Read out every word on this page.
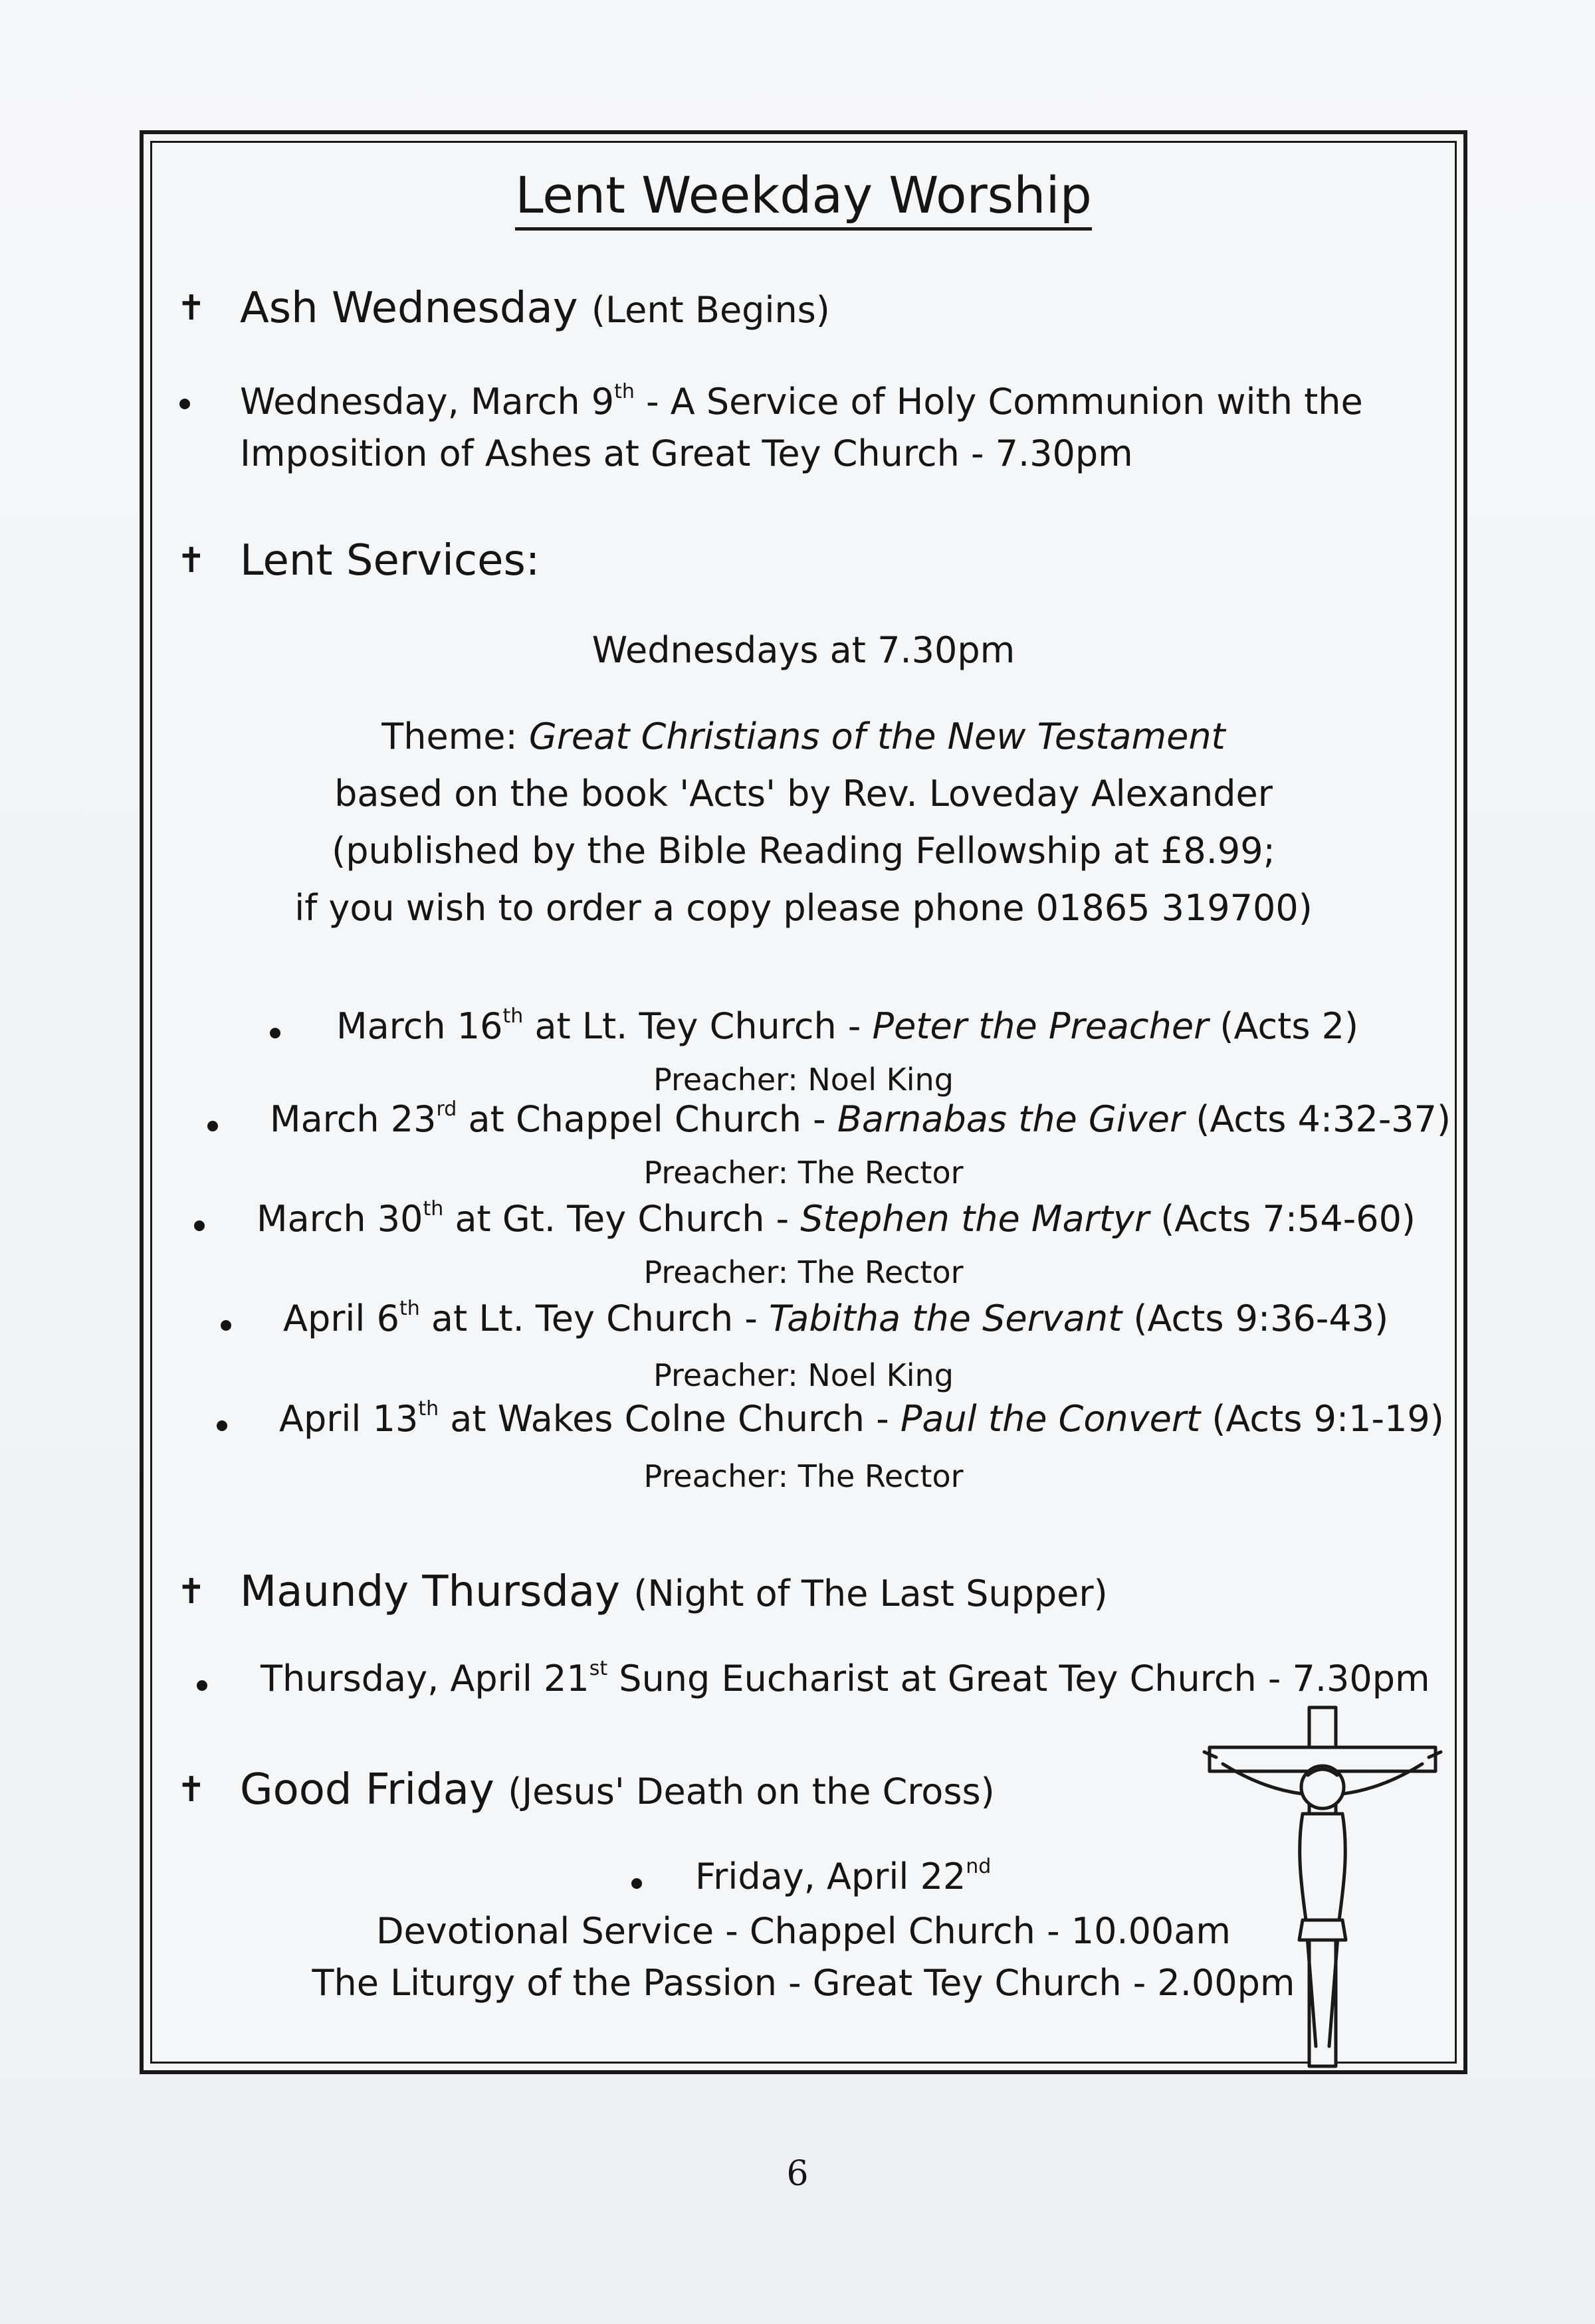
Lent Weekday Worship
✝ Ash Wednesday (Lent Begins)
Wednesday, March 9th - A Service of Holy Communion with the
Imposition of Ashes at Great Tey Church - 7.30pm
✝ Lent Services:
Wednesdays at 7.30pm
Theme: Great Christians of the New Testament
based on the book 'Acts' by Rev. Loveday Alexander
(published by the Bible Reading Fellowship at £8.99;
if you wish to order a copy please phone 01865 319700)
March 16th at Lt. Tey Church - Peter the Preacher (Acts 2)
Preacher: Noel King
March 23rd at Chappel Church - Barnabas the Giver (Acts 4:32-37)
Preacher: The Rector
March 30th at Gt. Tey Church - Stephen the Martyr (Acts 7:54-60)
Preacher: The Rector
April 6th at Lt. Tey Church - Tabitha the Servant (Acts 9:36-43)
Preacher: Noel King
April 13th at Wakes Colne Church - Paul the Convert (Acts 9:1-19)
Preacher: The Rector
✝ Maundy Thursday (Night of The Last Supper)
Thursday, April 21st Sung Eucharist at Great Tey Church - 7.30pm
✝ Good Friday (Jesus' Death on the Cross)
Friday, April 22nd
Devotional Service - Chappel Church - 10.00am
The Liturgy of the Passion - Great Tey Church - 2.00pm
6
